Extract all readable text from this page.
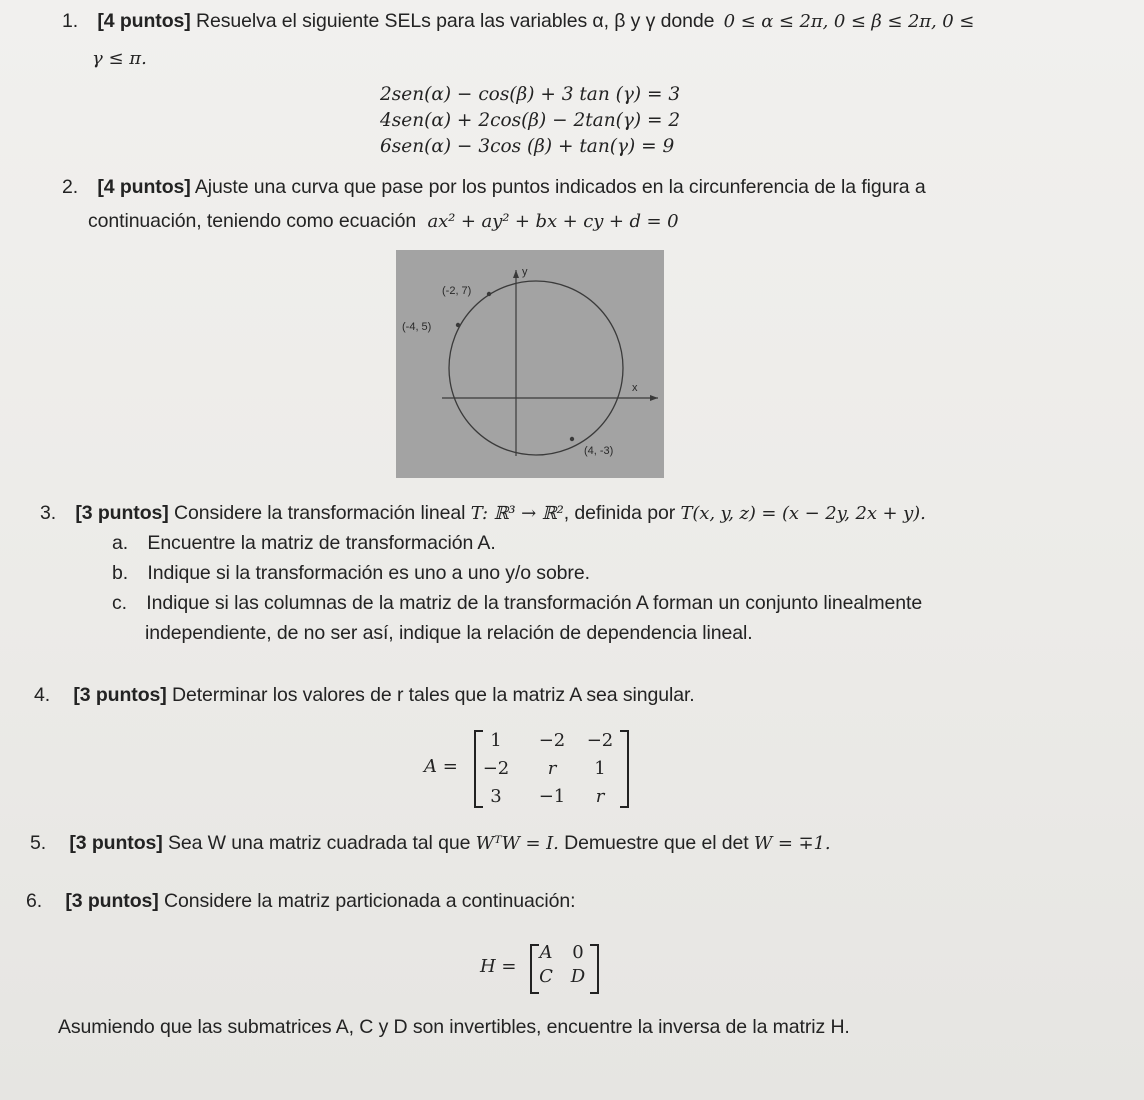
1. [4 puntos] Resuelva el siguiente SELs para las variables α, β y γ donde 0 ≤ α ≤ 2π, 0 ≤ β ≤ 2π, 0 ≤
γ ≤ π.
2sen(α) − cos(β) + 3 tan (γ) = 3
4sen(α) + 2cos(β) − 2tan(γ) = 2
6sen(α) − 3cos (β) + tan(γ) = 9
2. [4 puntos] Ajuste una curva que pase por los puntos indicados en la circunferencia de la figura a
continuación, teniendo como ecuación ax² + ay² + bx + cy + d = 0
y
x
(-2, 7)
(-4, 5)
(4, -3)
3. [3 puntos] Considere la transformación lineal T: ℝ³ → ℝ², definida por T(x, y, z) = (x − 2y, 2x + y).
a. Encuentre la matriz de transformación A.
b. Indique si la transformación es uno a uno y/o sobre.
c. Indique si las columnas de la matriz de la transformación A forman un conjunto linealmente
independiente, de no ser así, indique la relación de dependencia lineal.
4. [3 puntos] Determinar los valores de r tales que la matriz A sea singular.
A =
1	−2 −2
−2	r	1
3	−1	r
5. [3 puntos] Sea W una matriz cuadrada tal que WᵀW = I. Demuestre que el det W = ∓1.
6. [3 puntos] Considere la matriz particionada a continuación:
H =
A	0
C D
Asumiendo que las submatrices A, C y D son invertibles, encuentre la inversa de la matriz H.
